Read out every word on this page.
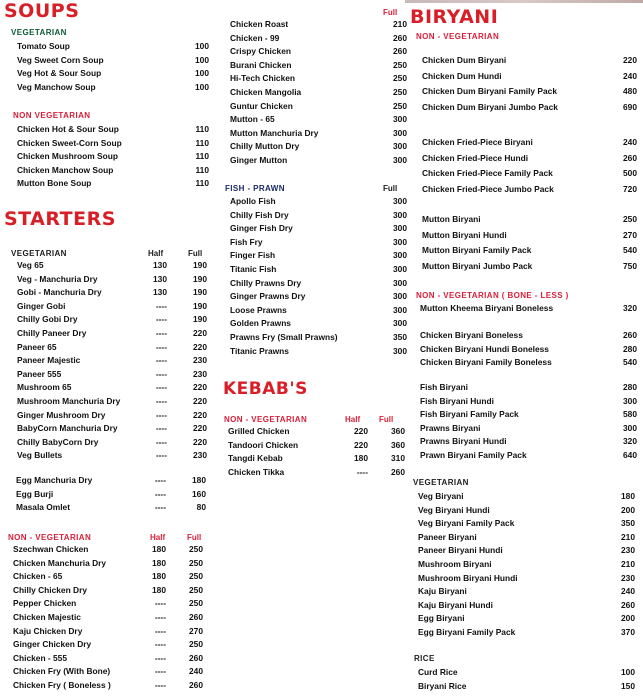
SOUPS
VEGETARIAN
Tomato Soup	100
Veg Sweet Corn Soup	100
Veg Hot & Sour Soup	100
Veg Manchow Soup	100
NON VEGETARIAN
Chicken Hot & Sour Soup	110
Chicken Sweet-Corn Soup	110
Chicken Mushroom Soup	110
Chicken Manchow Soup	110
Mutton Bone Soup	110
STARTERS
VEGETARIAN	Half	Full
Veg 65	130	190
Veg - Manchuria Dry	130	190
Gobi - Manchuria Dry	130	190
Ginger Gobi	----	190
Chilly Gobi Dry	----	190
Chilly Paneer Dry	----	220
Paneer 65	----	220
Paneer Majestic	----	230
Paneer 555	----	230
Mushroom 65	----	220
Mushroom Manchuria Dry	----	220
Ginger Mushroom Dry	----	220
BabyCorn Manchuria Dry	----	220
Chilly BabyCorn Dry	----	220
Veg Bullets	----	230
Egg Manchuria Dry	----	180
Egg Burji	----	160
Masala Omlet	----	80
NON - VEGETARIAN	Half	Full
Szechwan Chicken	180	250
Chicken Manchuria Dry	180	250
Chicken - 65	180	250
Chilly Chicken Dry	180	250
Pepper Chicken	----	250
Chicken Majestic	----	260
Kaju Chicken Dry	----	270
Ginger Chicken Dry	----	250
Chicken - 555	----	260
Chicken Fry (With Bone)	----	240
Chicken Fry ( Boneless )	----	260
Full
Chicken Roast	210
Chicken - 99	260
Crispy Chicken	260
Burani Chicken	250
Hi-Tech Chicken	250
Chicken Mangolia	250
Guntur Chicken	250
Mutton - 65	300
Mutton Manchuria Dry	300
Chilly Mutton Dry	300
Ginger Mutton	300
FISH - PRAWN	Full
Apollo Fish	300
Chilly Fish Dry	300
Ginger Fish Dry	300
Fish Fry	300
Finger Fish	300
Titanic Fish	300
Chilly Prawns Dry	300
Ginger Prawns Dry	300
Loose Prawns	300
Golden Prawns	300
Prawns Fry (Small Prawns)	350
Titanic Prawns	300
KEBAB'S
NON - VEGETARIAN	Half Full
Grilled Chicken	220	360
Tandoori Chicken	220	360
Tangdi Kebab	180	310
Chicken Tikka	----	260
BIRYANI
NON - VEGETARIAN
Chicken Dum Biryani	220
Chicken Dum Hundi	240
Chicken Dum Biryani Family Pack	480
Chicken Dum Biryani Jumbo Pack	690
Chicken Fried-Piece Biryani	240
Chicken Fried-Piece Hundi	260
Chicken Fried-Piece Family Pack	500
Chicken Fried-Piece Jumbo Pack	720
Mutton Biryani	250
Mutton Biryani Hundi	270
Mutton Biryani Family Pack	540
Mutton Biryani Jumbo Pack	750
NON - VEGETARIAN ( BONE - LESS )
Mutton Kheema Biryani Boneless	320
Chicken Biryani Boneless	260
Chicken Biryani Hundi Boneless	280
Chicken Biryani Family Boneless	540
Fish Biryani	280
Fish Biryani Hundi	300
Fish Biryani Family Pack	580
Prawns Biryani	300
Prawns Biryani Hundi	320
Prawn Biryani Family Pack	640
VEGETARIAN
Veg Biryani	180
Veg Biryani Hundi	200
Veg Biryani Family Pack	350
Paneer Biryani	210
Paneer Biryani Hundi	230
Mushroom Biryani	210
Mushroom Biryani Hundi	230
Kaju Biryani	240
Kaju Biryani Hundi	260
Egg Biryani	200
Egg Biryani Family Pack	370
RICE
Curd Rice	100
Biryani Rice	150
